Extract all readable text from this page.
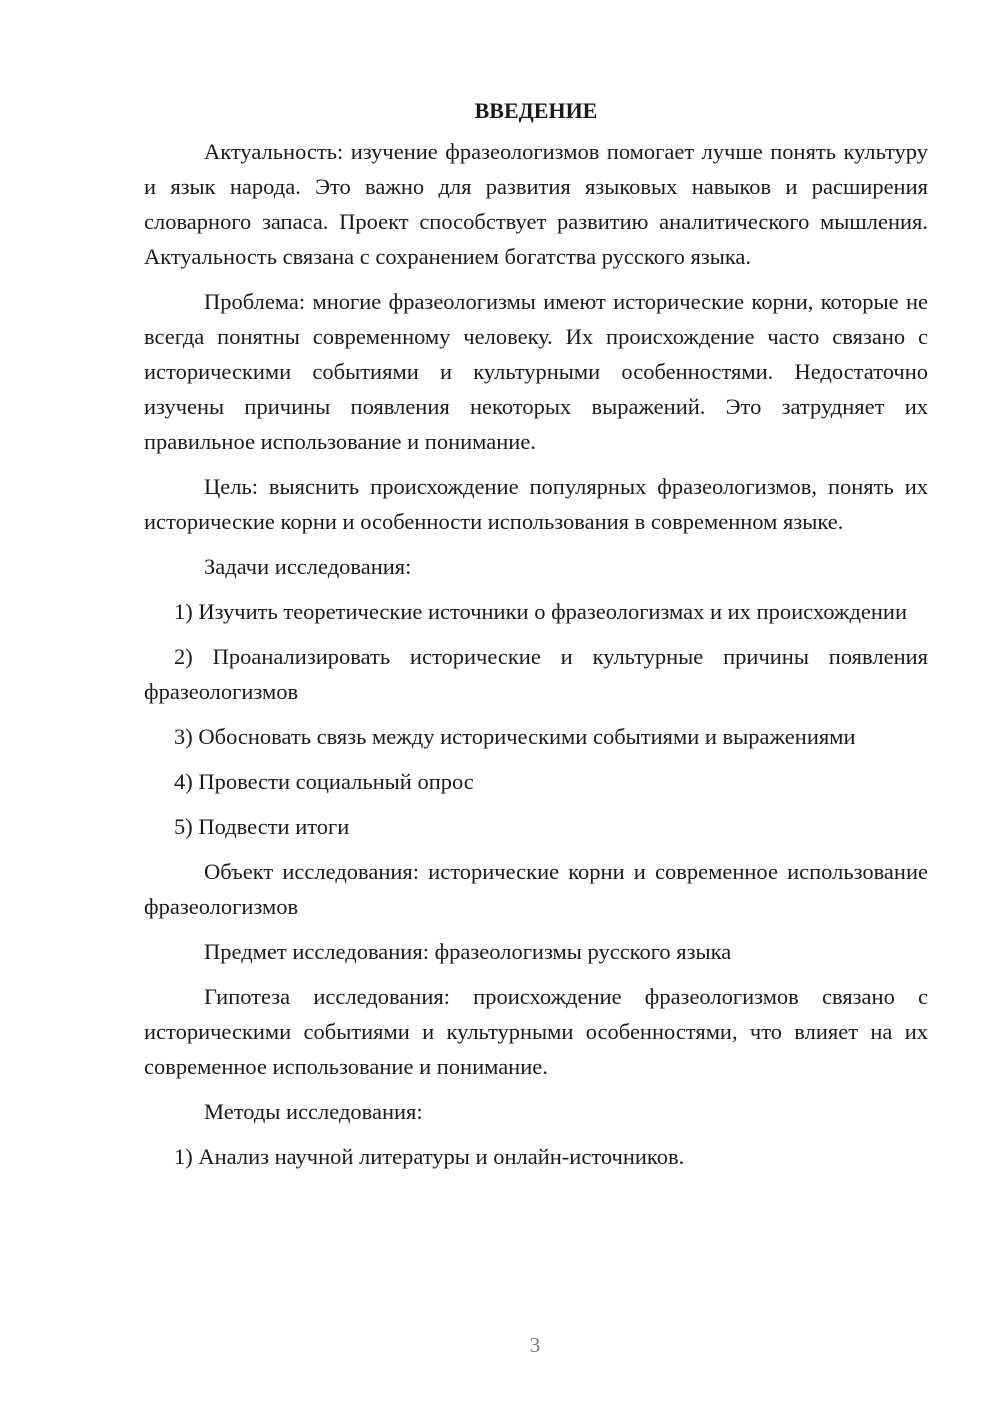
ВВЕДЕНИЕ

Актуальность: изучение фразеологизмов помогает лучше понять культуру и язык народа. Это важно для развития языковых навыков и расширения словарного запаса. Проект способствует развитию аналитического мышления. Актуальность связана с сохранением богатства русского языка.

Проблема: многие фразеологизмы имеют исторические корни, которые не всегда понятны современному человеку. Их происхождение часто связано с историческими событиями и культурными особенностями. Недостаточно изучены причины появления некоторых выражений. Это затрудняет их правильное использование и понимание.

Цель: выяснить происхождение популярных фразеологизмов, понять их исторические корни и особенности использования в современном языке.

Задачи исследования:

1) Изучить теоретические источники о фразеологизмах и их происхождении

2) Проанализировать исторические и культурные причины появления фразеологизмов

3) Обосновать связь между историческими событиями и выражениями

4) Провести социальный опрос

5) Подвести итоги

Объект исследования: исторические корни и современное использование фразеологизмов

Предмет исследования: фразеологизмы русского языка

Гипотеза исследования: происхождение фразеологизмов связано с историческими событиями и культурными особенностями, что влияет на их современное использование и понимание.

Методы исследования:

1) Анализ научной литературы и онлайн-источников.

3
